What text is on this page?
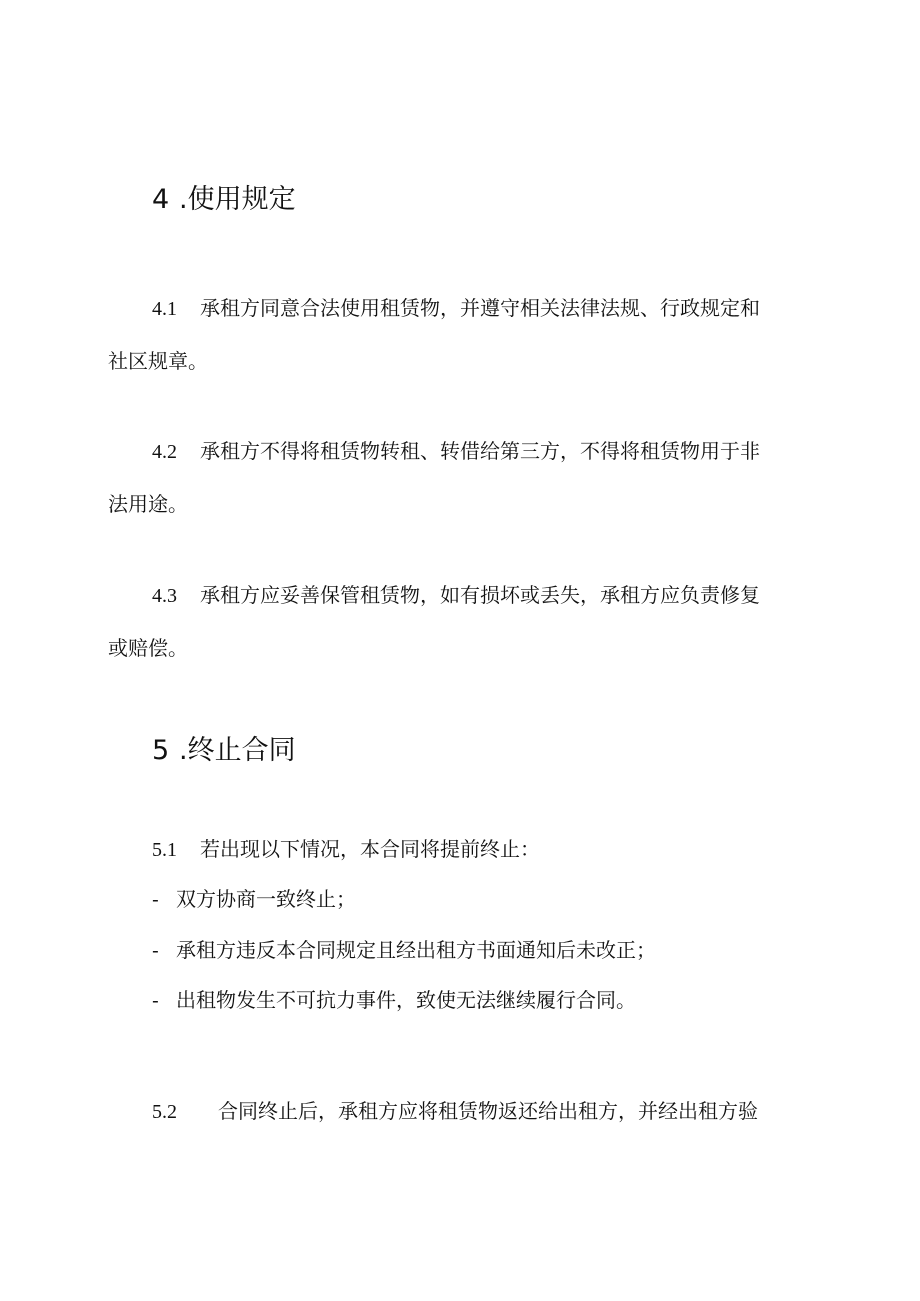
4 .使用规定

4.1 承租方同意合法使用租赁物，并遵守相关法律法规、行政规定和
社区规章。

4.2 承租方不得将租赁物转租、转借给第三方，不得将租赁物用于非
法用途。

4.3 承租方应妥善保管租赁物，如有损坏或丢失，承租方应负责修复
或赔偿。

5 .终止合同

5.1 若出现以下情况，本合同将提前终止：

- 双方协商一致终止；

- 承租方违反本合同规定且经出租方书面通知后未改正；

- 出租物发生不可抗力事件，致使无法继续履行合同。

5.2 合同终止后，承租方应将租赁物返还给出租方，并经出租方验
